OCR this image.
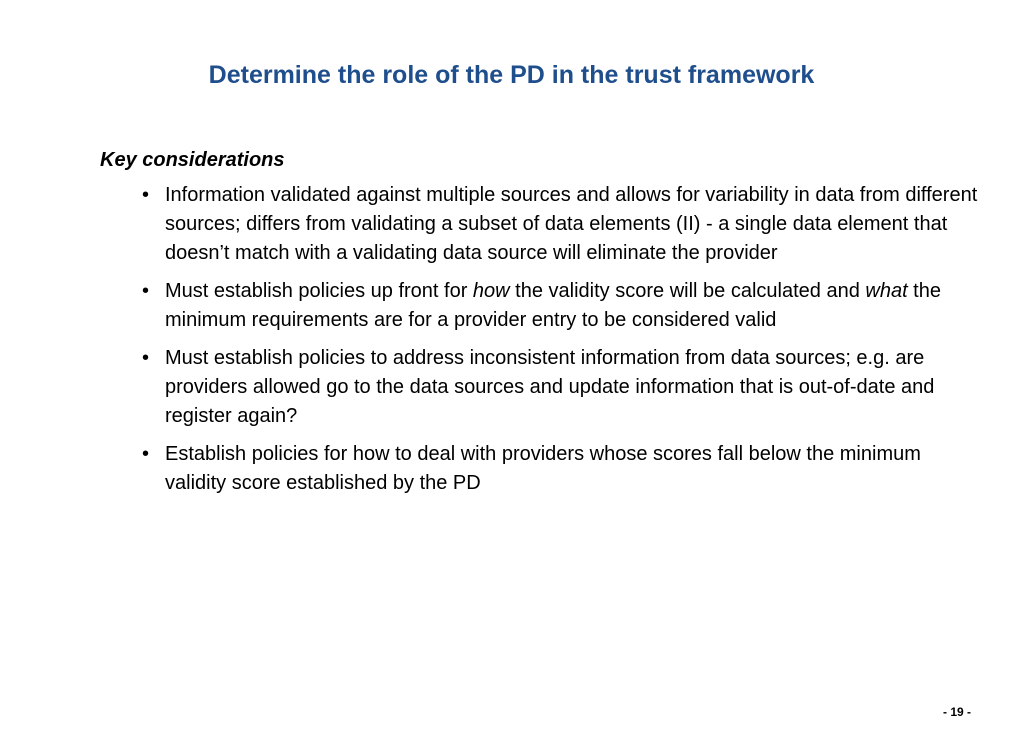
Determine the role of the PD in the trust framework

Key considerations

• Information validated against multiple sources and allows for variability in data from different sources; differs from validating a subset of data elements (II) - a single data element that doesn’t match with a validating data source will eliminate the provider
• Must establish policies up front for how the validity score will be calculated and what the minimum requirements are for a provider entry to be considered valid
• Must establish policies to address inconsistent information from data sources; e.g. are providers allowed go to the data sources and update information that is out-of-date and register again?
• Establish policies for how to deal with providers whose scores fall below the minimum validity score established by the PD
- 19 -
